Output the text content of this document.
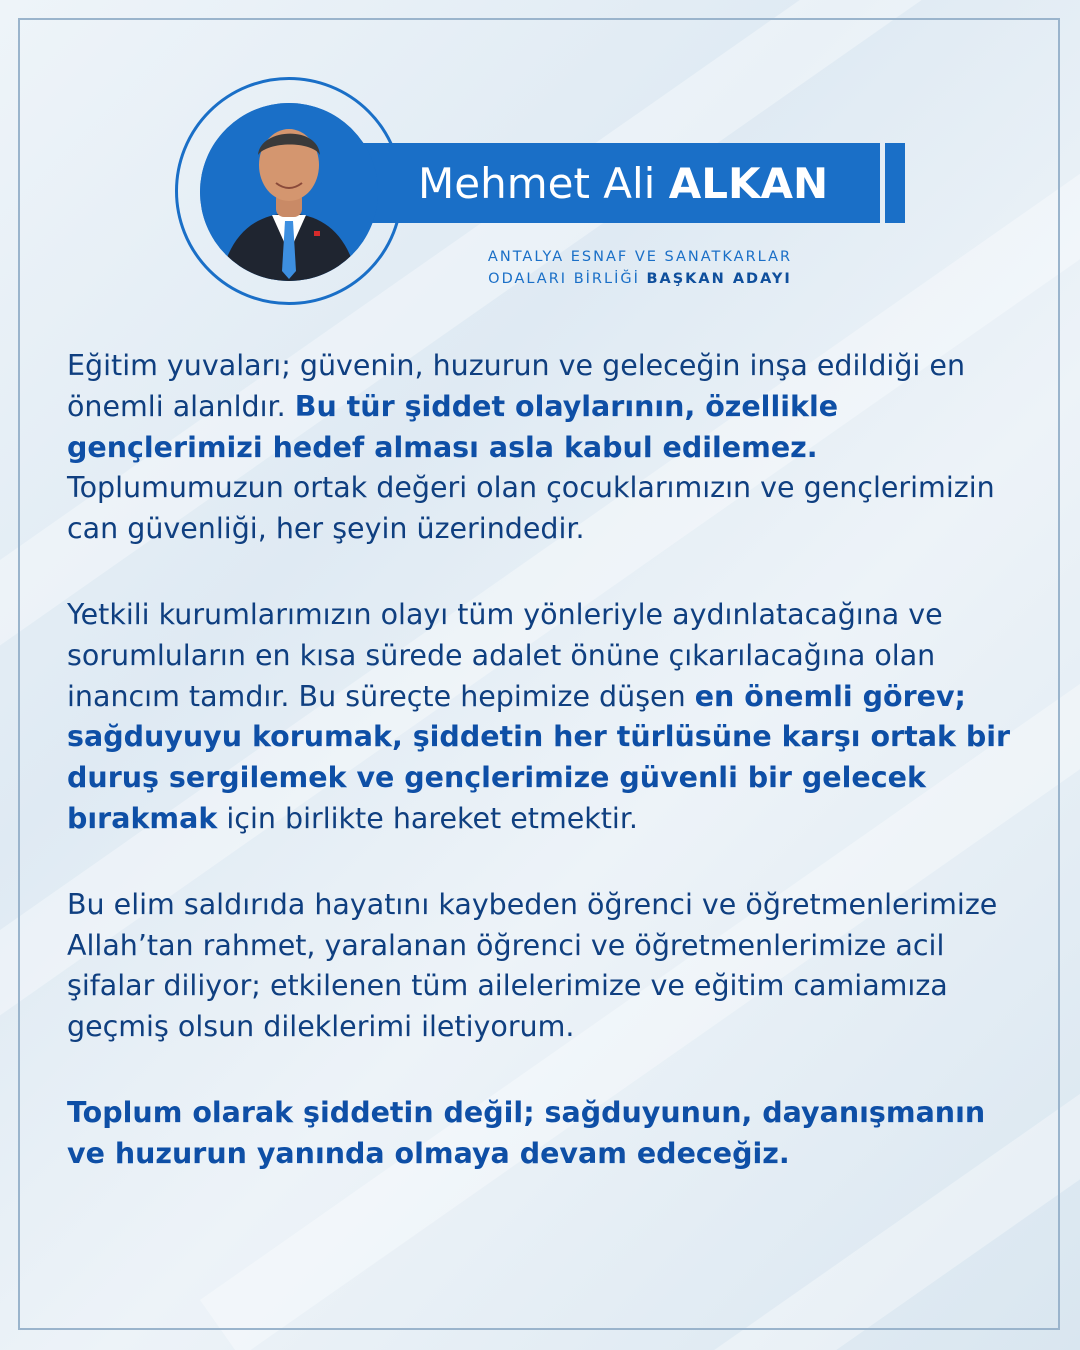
Mehmet Ali ALKAN
ANTALYA ESNAF VE SANATKARLAR
ODALARI BİRLİĞİ BAŞKAN ADAYI

Eğitim yuvaları; güvenin, huzurun ve geleceğin inşa edildiği en önemli alanldır. Bu tür şiddet olaylarının, özellikle gençlerimizi hedef alması asla kabul edilemez. Toplumumuzun ortak değeri olan çocuklarımızın ve gençlerimizin can güvenliği, her şeyin üzerindedir.

Yetkili kurumlarımızın olayı tüm yönleriyle aydınlatacağına ve sorumluların en kısa sürede adalet önüne çıkarılacağına olan inancım tamdır. Bu süreçte hepimize düşen en önemli görev; sağduyuyu korumak, şiddetin her türlüsüne karşı ortak bir duruş sergilemek ve gençlerimize güvenli bir gelecek bırakmak için birlikte hareket etmektir.

Bu elim saldırıda hayatını kaybeden öğrenci ve öğretmenlerimize Allah’tan rahmet, yaralanan öğrenci ve öğretmenlerimize acil şifalar diliyor; etkilenen tüm ailelerimize ve eğitim camiamıza geçmiş olsun dileklerimi iletiyorum.

Toplum olarak şiddetin değil; sağduyunun, dayanışmanın ve huzurun yanında olmaya devam edeceğiz.
